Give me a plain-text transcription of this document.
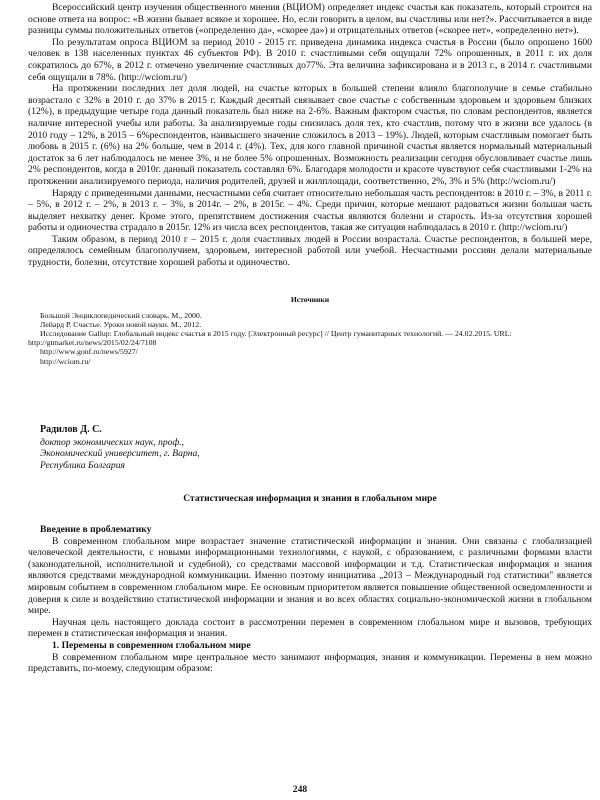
Всероссийский центр изучения общественного мнения (ВЦИОМ) определяет индекс счастья как показатель, который строится на основе ответа на вопрос: «В жизни бывает всякое и хорошее. Но, если говорить в целом, вы счастливы или нет?». Рассчитывается в виде разницы суммы положительных ответов («определенно да», «скорее да») и отрицательных ответов («скорее нет», «определенно нет»).

По результатам опроса ВЦИОМ за период 2010 - 2015 гг. приведена динамика индекса счастья в России (было опрошено 1600 человек в 138 населенных пунктах 46 субъектов РФ). В 2010 г. счастливыми себя ощущали 72% опрошенных, в 2011 г. их доля сократилось до 67%, в 2012 г. отмечено увеличение счастливых до77%. Эта величина зафиксирована и в 2013 г., в 2014 г. счастливыми себя ощущали в 78%. (http://wciom.ru/)

На протяжении последних лет доля людей, на счастье которых в большей степени влияло благополучие в семье стабильно возрастало с 32% в 2010 г. до 37% в 2015 г. Каждый десятый связывает свое счастье с собственным здоровьем и здоровьем близких (12%), в предыдущие четыре года данный показатель был ниже на 2-6%. Важным фактором счастья, по словам респондентов, является наличие интересной учебы или работы. За анализируемые годы снизилась доля тех, кто счастлив, потому что в жизни все удалось (в 2010 году – 12%, в 2015 – 6%респондентов, наивысшего значение сложилось в 2013 – 19%). Людей, которым счастливым помогает быть любовь в 2015 г. (6%) на 2% больше, чем в 2014 г. (4%). Тех, для кого главной причиной счастья является нормальный материальный достаток за 6 лет наблюдалось не менее 3%, и не более 5% опрошенных. Возможность реализации сегодня обусловливает счастье лишь 2% респондентов, когда в 2010г. данный показатель составлял 6%. Благодаря молодости и красоте чувствуют себя счастливыми 1-2% на протяжении анализируемого периода, наличия родителей, друзей и жилплощади, соответственно, 2%, 3% и 5% (http://wciom.ru/)

Наряду с приведенными данными, несчастными себя считает относительно небольшая часть респондентов: в 2010 г. – 3%, в 2011 г. – 5%, в 2012 г. – 2%, в 2013 г. – 3%, в 2014г. – 2%, в 2015г. – 4%. Среди причин, которые мешают радоваться жизни большая часть выделяет нехватку денег. Кроме этого, препятствием достижения счастья являются болезни и старость. Из-за отсутствия хорошей работы и одиночества страдало в 2015г. 12% из числа всех респондентов, такая же ситуация наблюдалась в 2010 г. (http://wciom.ru/)

Таким образом, в период 2010 г – 2015 г. доля счастливых людей в России возрастала. Счастье респондентов, в большей мере, определялось семейным благополучием, здоровьем, интересной работой или учебой. Несчастными россиян делали материальные трудности, болезни, отсутствие хорошей работы и одиночество.

Источники

Большой Энциклопедический словарь. М., 2000.

Лейард Р. Счастье. Уроки новой науки. М., 2012.

Исследование Gallup: Глобальный индекс счастья в 2015 году. [Электронный ресурс] // Центр гуманитарных технологий. — 24.02.2015. URL: http://gtmarket.ru/news/2015/02/24/7108

http://www.gonf.ru/news/5927/

http://wciom.ru/

Радилов Д. С.

доктор экономических наук, проф.,

Экономический университет, г. Варна,

Республика Болгария

Статистическая информация и знания в глобальном мире

Введение в проблематику

В современном глобальном мире возрастает значение статистической информации и знания. Они связаны с глобализацией человеческой деятельности, с новыми информационными технологиями, с наукой, с образованием, с различными формами власти (законодательной, исполнительной и судебной), со средствами массовой информации и т.д. Статистическая информация и знания являются средствами международной коммуникации. Именно поэтому инициатива „2013 – Международный год статистики" является мировым событием в современном глобальном мире. Ее основным приоритетом является повышение общественной осведомленности и доверия к силе и воздействию статистической информации и знания и во всех областях социально-экономической жизни в глобальном мире.

Научная цель настоящего доклада состоит в рассмотрении перемен в современном глобальном мире и вызовов, требующих перемен в статистическая информация и знания.

1. Перемены в современном глобальном мире

В современном глобальном мире центральное место занимают информация, знания и коммуникации. Перемены в нем можно представить, по-моему, следующим образом:

248
